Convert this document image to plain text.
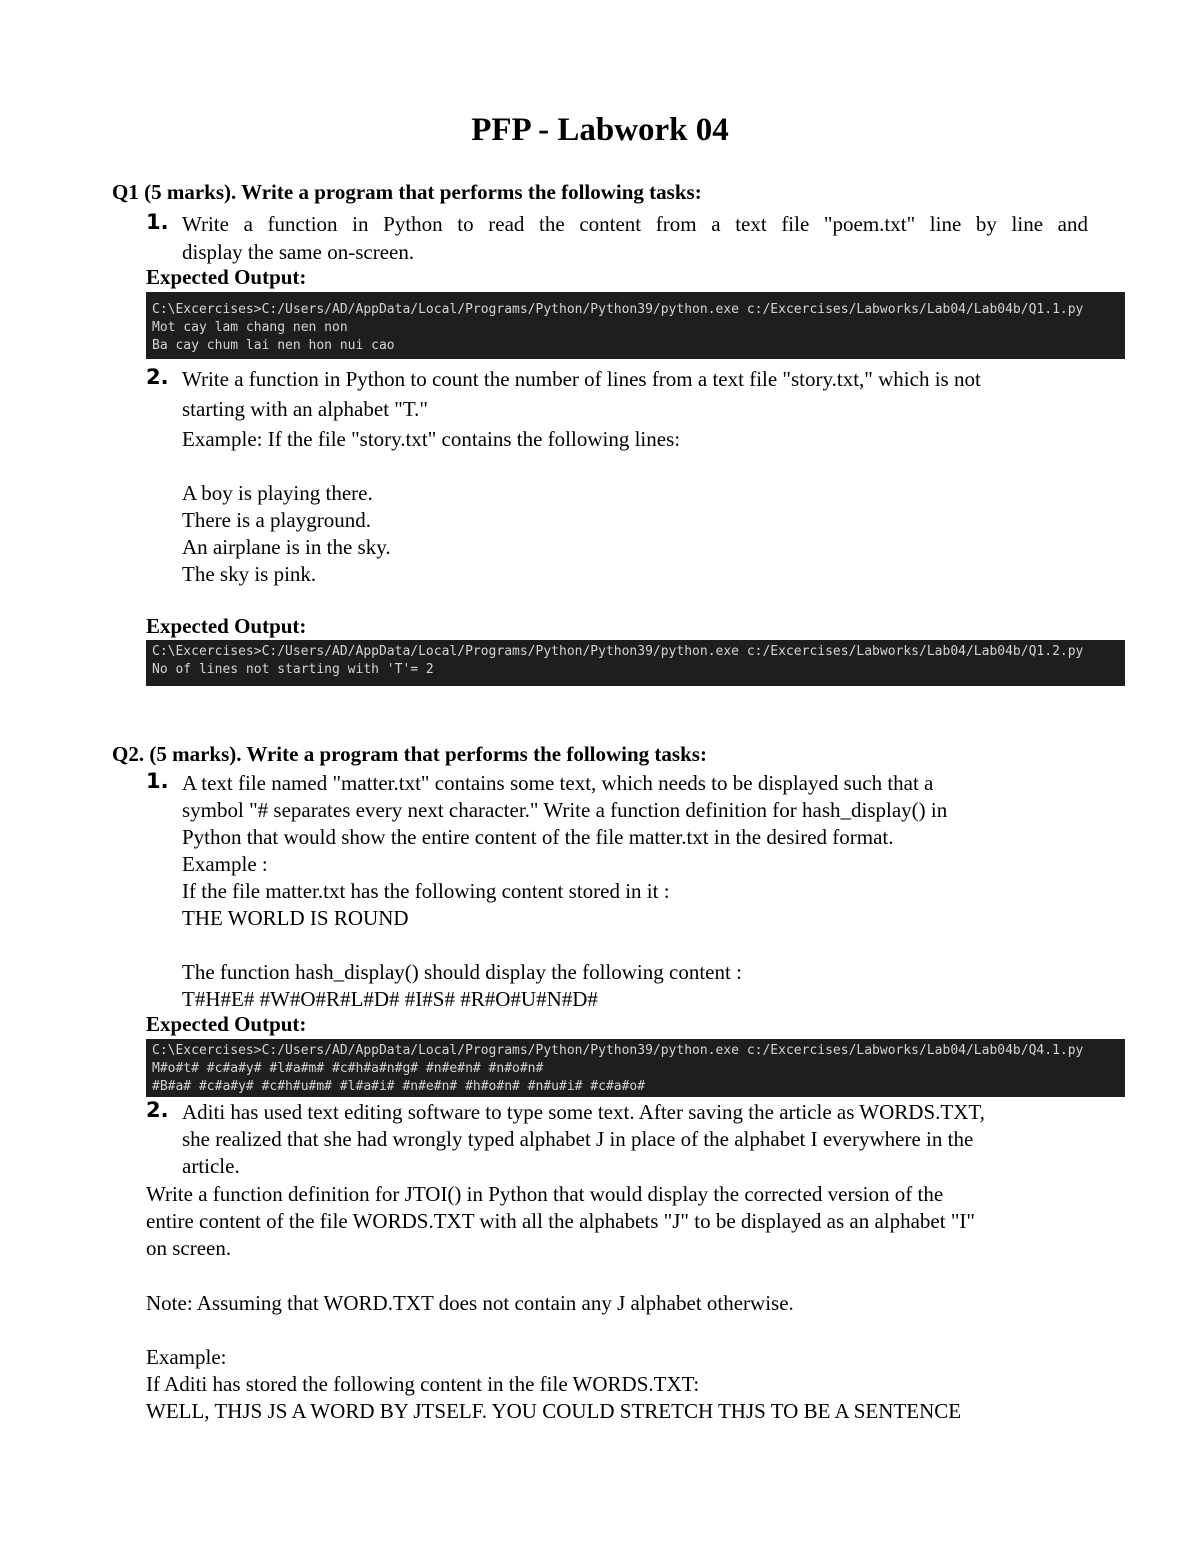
PFP - Labwork 04
Q1 (5 marks). Write a program that performs the following tasks:
1. Write a function in Python to read the content from a text file "poem.txt" line by line and
display the same on-screen.
Expected Output:
C:\Excercises>C:/Users/AD/AppData/Local/Programs/Python/Python39/python.exe c:/Excercises/Labworks/Lab04/Lab04b/Q1.1.py
Mot cay lam chang nen non
Ba cay chum lai nen hon nui cao
2. Write a function in Python to count the number of lines from a text file "story.txt," which is not
starting with an alphabet "T."
Example: If the file "story.txt" contains the following lines:
A boy is playing there.
There is a playground.
An airplane is in the sky.
The sky is pink.
Expected Output:
C:\Excercises>C:/Users/AD/AppData/Local/Programs/Python/Python39/python.exe c:/Excercises/Labworks/Lab04/Lab04b/Q1.2.py
No of lines not starting with 'T'= 2
Q2. (5 marks). Write a program that performs the following tasks:
1. A text file named "matter.txt" contains some text, which needs to be displayed such that a
symbol "# separates every next character." Write a function definition for hash_display() in
Python that would show the entire content of the file matter.txt in the desired format.
Example :
If the file matter.txt has the following content stored in it :
THE WORLD IS ROUND
The function hash_display() should display the following content :
T#H#E# #W#O#R#L#D# #I#S# #R#O#U#N#D#
Expected Output:
C:\Excercises>C:/Users/AD/AppData/Local/Programs/Python/Python39/python.exe c:/Excercises/Labworks/Lab04/Lab04b/Q4.1.py
M#o#t# #c#a#y# #l#a#m# #c#h#a#n#g# #n#e#n# #n#o#n#
#B#a# #c#a#y# #c#h#u#m# #l#a#i# #n#e#n# #h#o#n# #n#u#i# #c#a#o#
2. Aditi has used text editing software to type some text. After saving the article as WORDS.TXT,
she realized that she had wrongly typed alphabet J in place of the alphabet I everywhere in the
article.
Write a function definition for JTOI() in Python that would display the corrected version of the
entire content of the file WORDS.TXT with all the alphabets "J" to be displayed as an alphabet "I"
on screen.
Note: Assuming that WORD.TXT does not contain any J alphabet otherwise.
Example:
If Aditi has stored the following content in the file WORDS.TXT:
WELL, THJS JS A WORD BY JTSELF. YOU COULD STRETCH THJS TO BE A SENTENCE
